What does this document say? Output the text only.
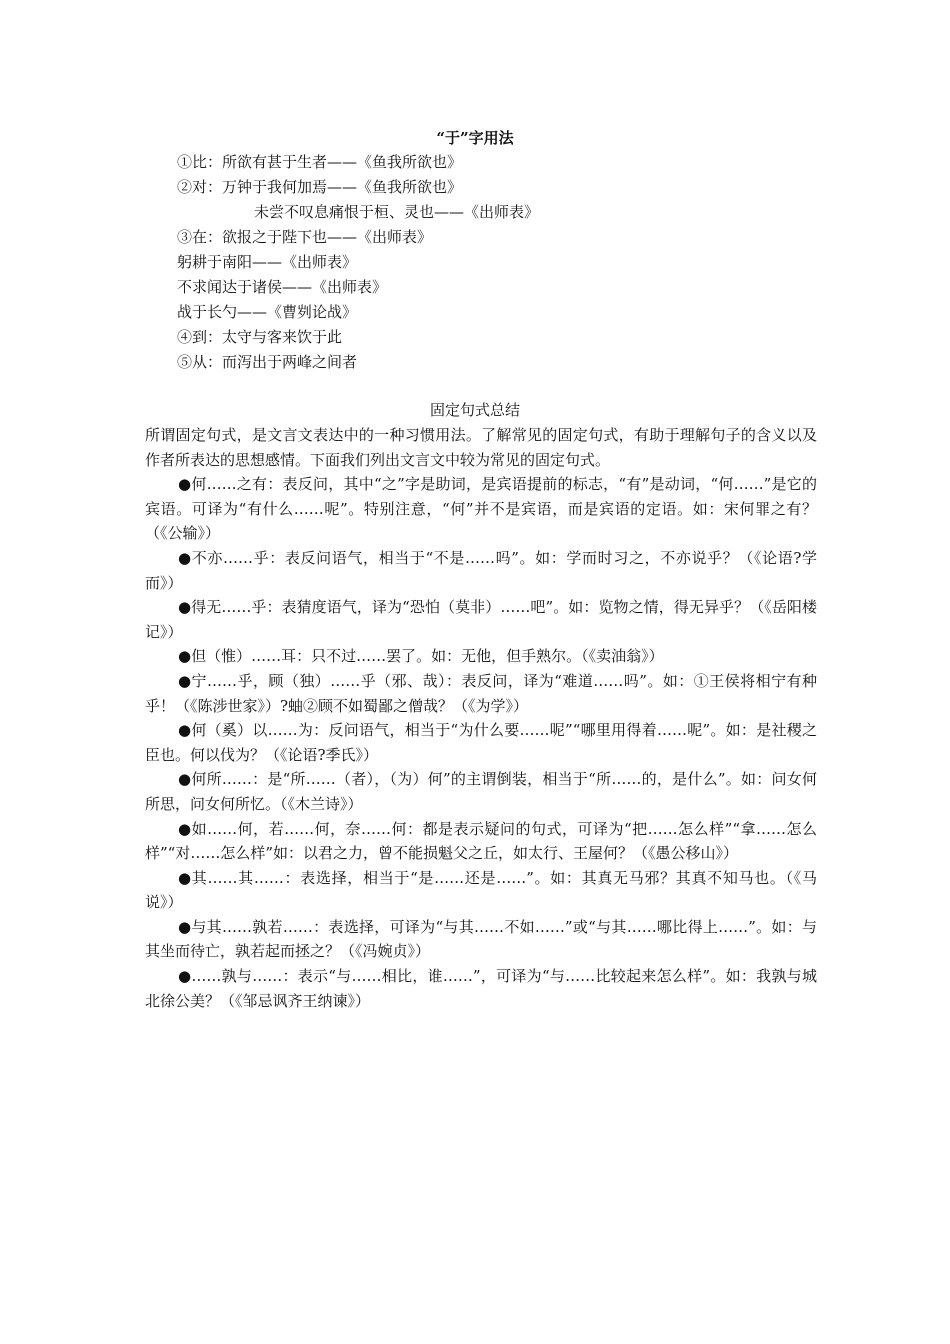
“于”字用法
①比：所欲有甚于生者——《鱼我所欲也》
②对：万钟于我何加焉——《鱼我所欲也》
未尝不叹息痛恨于桓、灵也——《出师表》
③在：欲报之于陛下也——《出师表》
躬耕于南阳——《出师表》
不求闻达于诸侯——《出师表》
战于长勺——《曹刿论战》
④到：太守与客来饮于此
⑤从：而泻出于两峰之间者
固定句式总结

所谓固定句式，是文言文表达中的一种习惯用法。了解常见的固定句式，有助于理解句子的含义以及作者所表达的思想感情。下面我们列出文言文中较为常见的固定句式。

●何……之有：表反问，其中“之”字是助词，是宾语提前的标志，“有”是动词，“何……”是它的宾语。可译为“有什么……呢”。特别注意，“何”并不是宾语，而是宾语的定语。如：宋何罪之有？（《公输》）

●不亦……乎：表反问语气，相当于“不是……吗”。如：学而时习之，不亦说乎？（《论语?学而》）

●得无……乎：表猜度语气，译为“恐怕（莫非）……吧”。如：览物之情，得无异乎？（《岳阳楼记》）

●但（惟）……耳：只不过……罢了。如：无他，但手熟尔。（《卖油翁》）

●宁……乎，顾（独）……乎（邪、哉）：表反问，译为“难道……吗”。如：①王侯将相宁有种乎！（《陈涉世家》）?蚰②顾不如蜀鄙之僧哉？（《为学》）

●何（奚）以……为：反问语气，相当于“为什么要……呢”“哪里用得着……呢”。如：是社稷之臣也。何以伐为？（《论语?季氏》）

●何所……：是“所……（者），（为）何”的主谓倒装，相当于“所……的，是什么”。如：问女何所思，问女何所忆。（《木兰诗》）

●如……何，若……何，奈……何：都是表示疑问的句式，可译为“把……怎么样”“拿……怎么样”“对……怎么样”如：以君之力，曾不能损魁父之丘，如太行、王屋何？（《愚公移山》）

●其……其……：表选择，相当于“是……还是……”。如：其真无马邪？其真不知马也。（《马说》）

●与其……孰若……：表选择，可译为“与其……不如……”或“与其……哪比得上……”。如：与其坐而待亡，孰若起而拯之？（《冯婉贞》）

●……孰与……：表示“与……相比，谁……”，可译为“与……比较起来怎么样”。如：我孰与城北徐公美？（《邹忌讽齐王纳谏》）
